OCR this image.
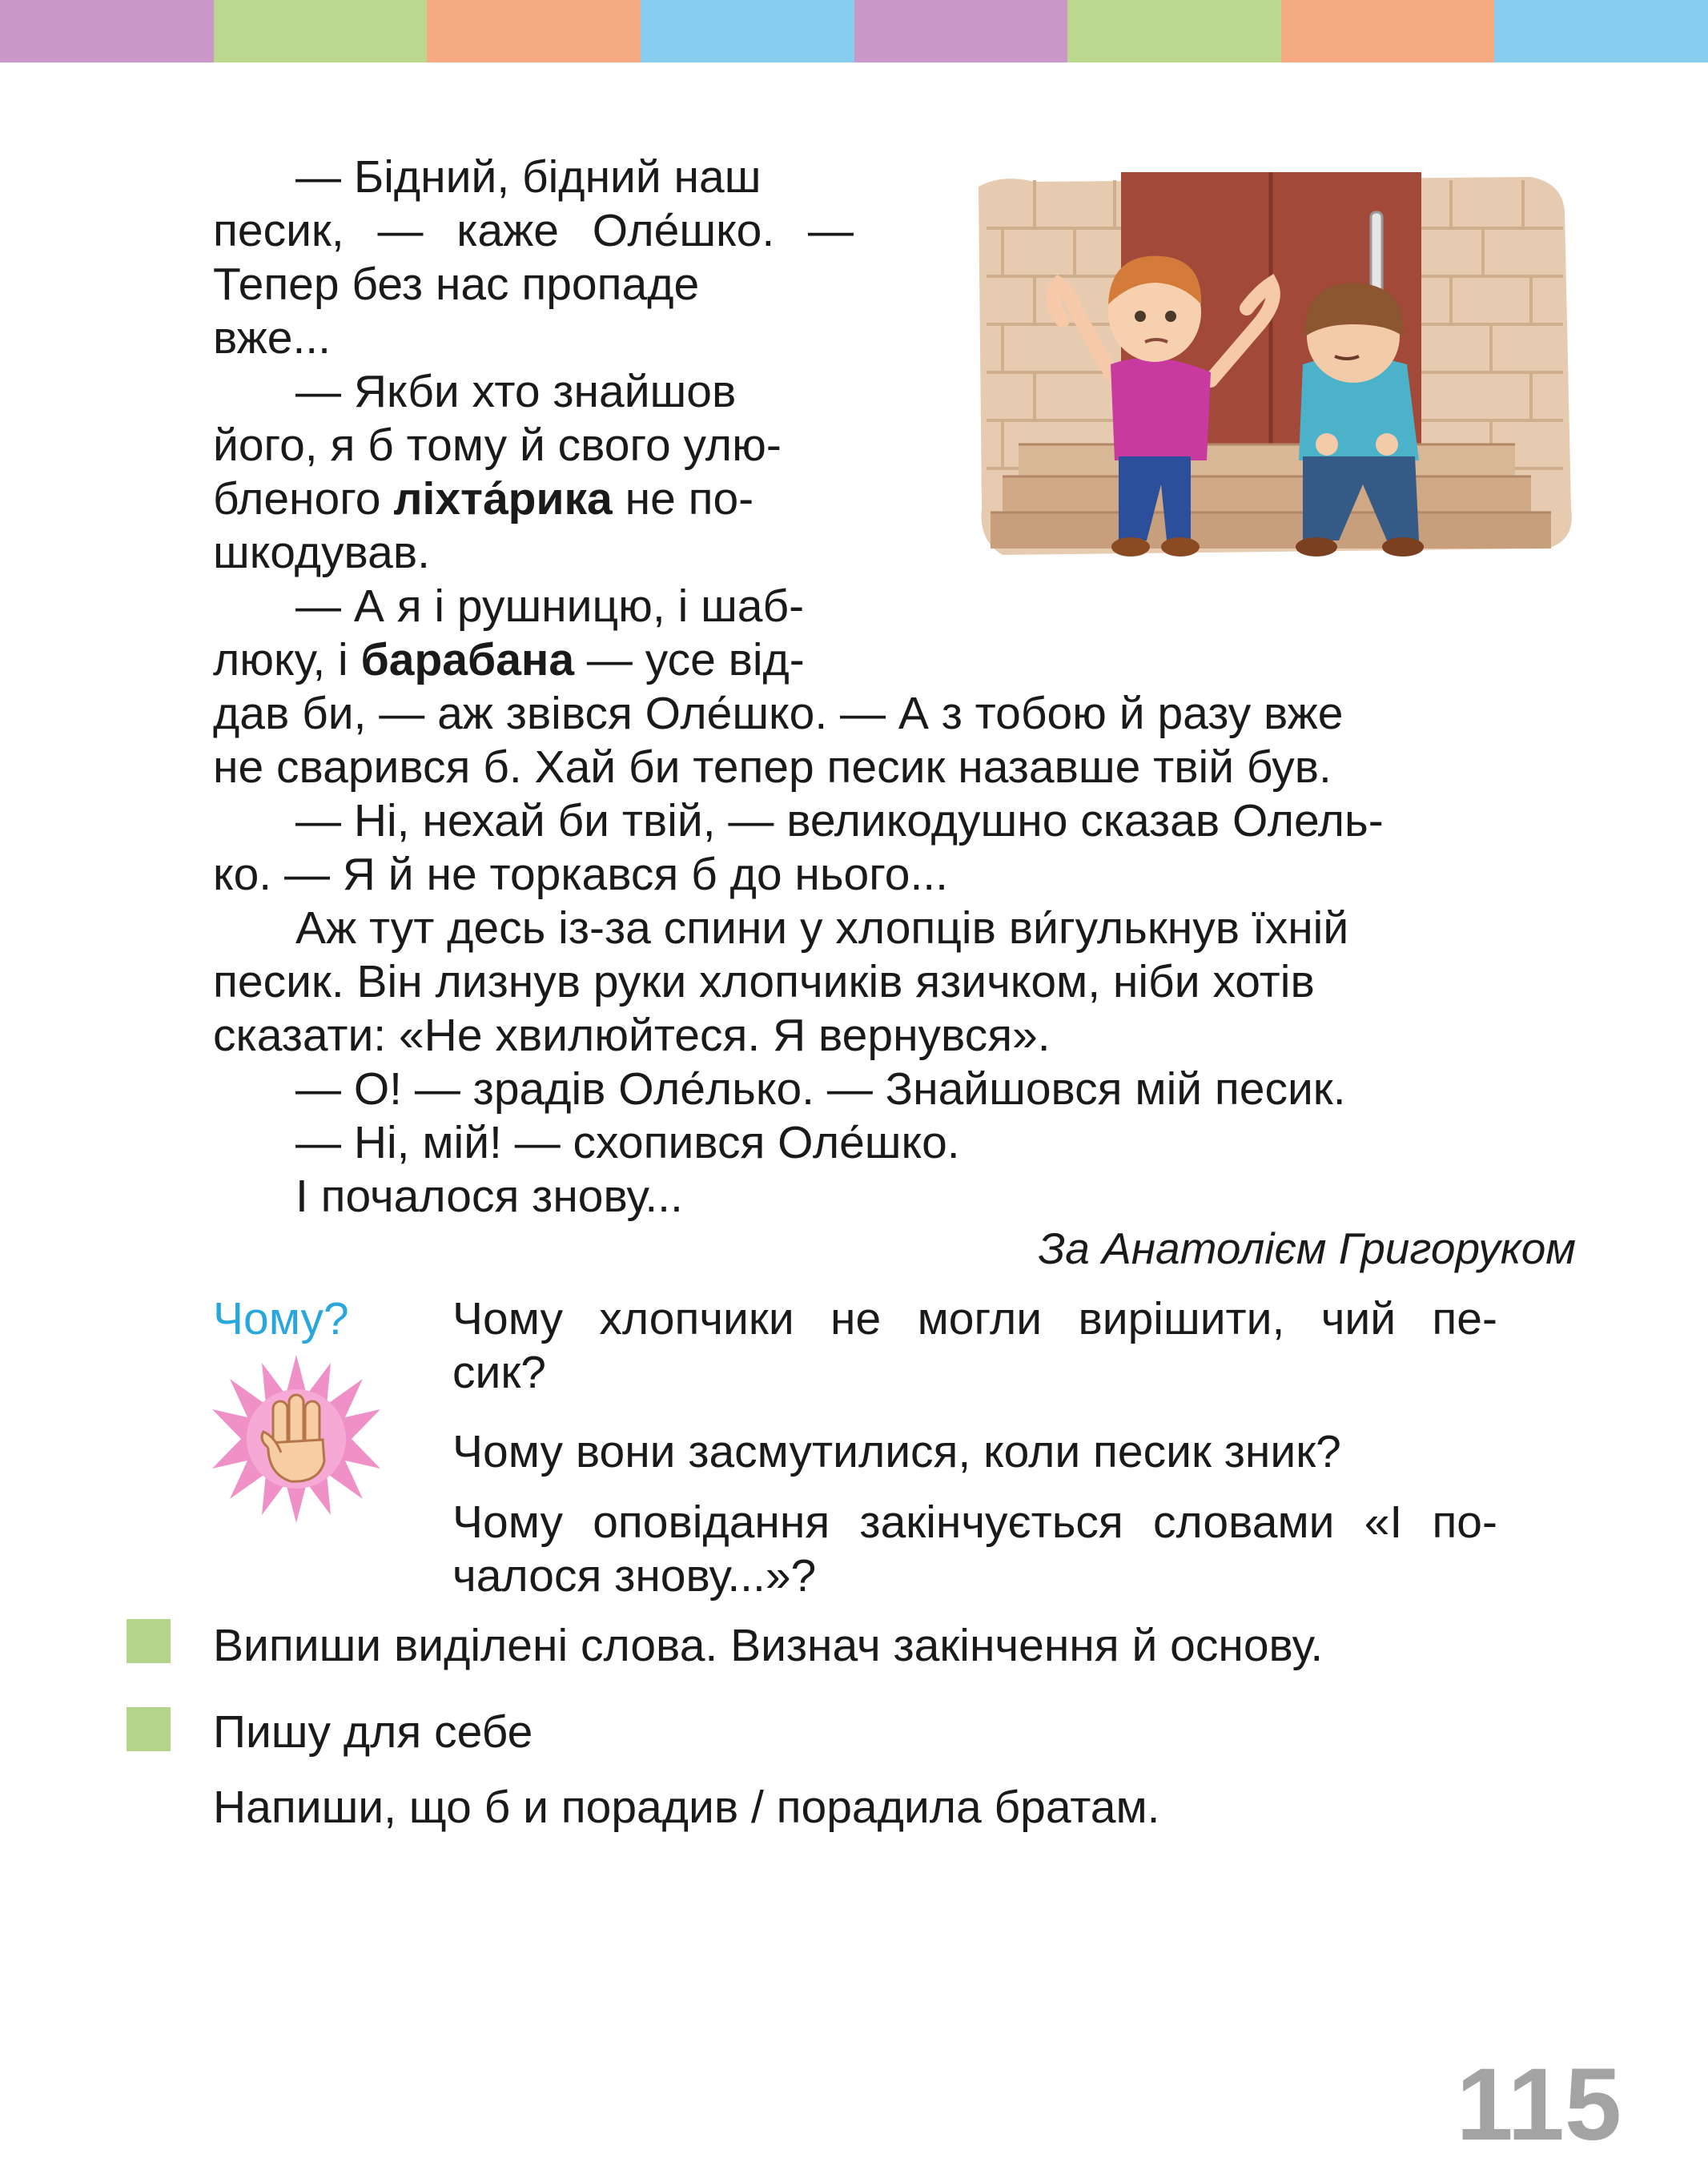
— Бідний, бідний наш
песик, — каже Оле́шко. —
Тепер без нас пропаде
вже...
— Якби хто знайшов
його, я б тому й свого улю-
бленого ліхта́рика не по-
шкодував.
— А я і рушницю, і шаб-
люку, і барабана — усе від-
дав би, — аж звівся Оле́шко. — А з тобою й разу вже
не сварився б. Хай би тепер песик назавше твій був.
— Ні, нехай би твій, — великодушно сказав Олель-
ко. — Я й не торкався б до нього...
Аж тут десь із-за спини у хлопців ви́гулькнув їхній
песик. Він лизнув руки хлопчиків язичком, ніби хотів
сказати: «Не хвилюйтеся. Я вернувся».
— О! — зрадів Оле́лько. — Знайшовся мій песик.
— Ні, мій! — схопився Оле́шко.
І почалося знову...
За Анатолієм Григоруком
Чому? Чому хлопчики не могли вирішити, чий пе-
сик?
Чому вони засмутилися, коли песик зник?
Чому оповідання закінчується словами «І по-
чалося знову...»?
Випиши виділені слова. Визнач закінчення й основу.
Пишу для себе
Напиши, що б и порадив / порадила братам.
115
